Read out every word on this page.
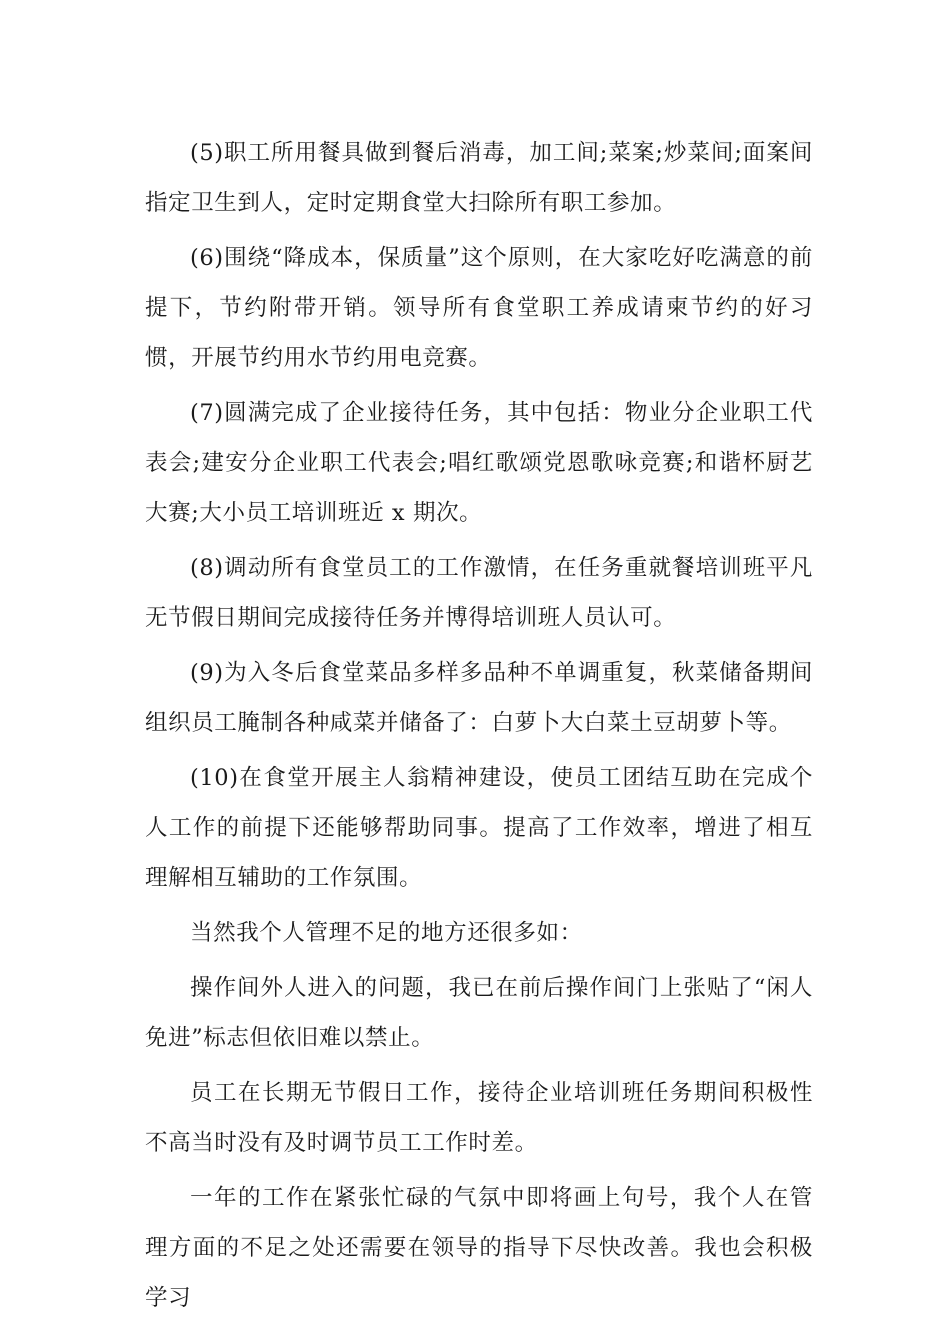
(5)职工所用餐具做到餐后消毒，加工间;菜案;炒菜间;面案间指定卫生到人，定时定期食堂大扫除所有职工参加。

(6)围绕“降成本，保质量”这个原则，在大家吃好吃满意的前提下，节约附带开销。领导所有食堂职工养成请柬节约的好习惯，开展节约用水节约用电竞赛。

(7)圆满完成了企业接待任务，其中包括：物业分企业职工代表会;建安分企业职工代表会;唱红歌颂党恩歌咏竞赛;和谐杯厨艺大赛;大小员工培训班近 x 期次。

(8)调动所有食堂员工的工作激情，在任务重就餐培训班平凡无节假日期间完成接待任务并博得培训班人员认可。

(9)为入冬后食堂菜品多样多品种不单调重复，秋菜储备期间组织员工腌制各种咸菜并储备了：白萝卜大白菜土豆胡萝卜等。

(10)在食堂开展主人翁精神建设，使员工团结互助在完成个人工作的前提下还能够帮助同事。提高了工作效率，增进了相互理解相互辅助的工作氛围。

当然我个人管理不足的地方还很多如：

操作间外人进入的问题，我已在前后操作间门上张贴了“闲人免进”标志但依旧难以禁止。

员工在长期无节假日工作，接待企业培训班任务期间积极性不高当时没有及时调节员工工作时差。

一年的工作在紧张忙碌的气氛中即将画上句号，我个人在管理方面的不足之处还需要在领导的指导下尽快改善。我也会积极学习
